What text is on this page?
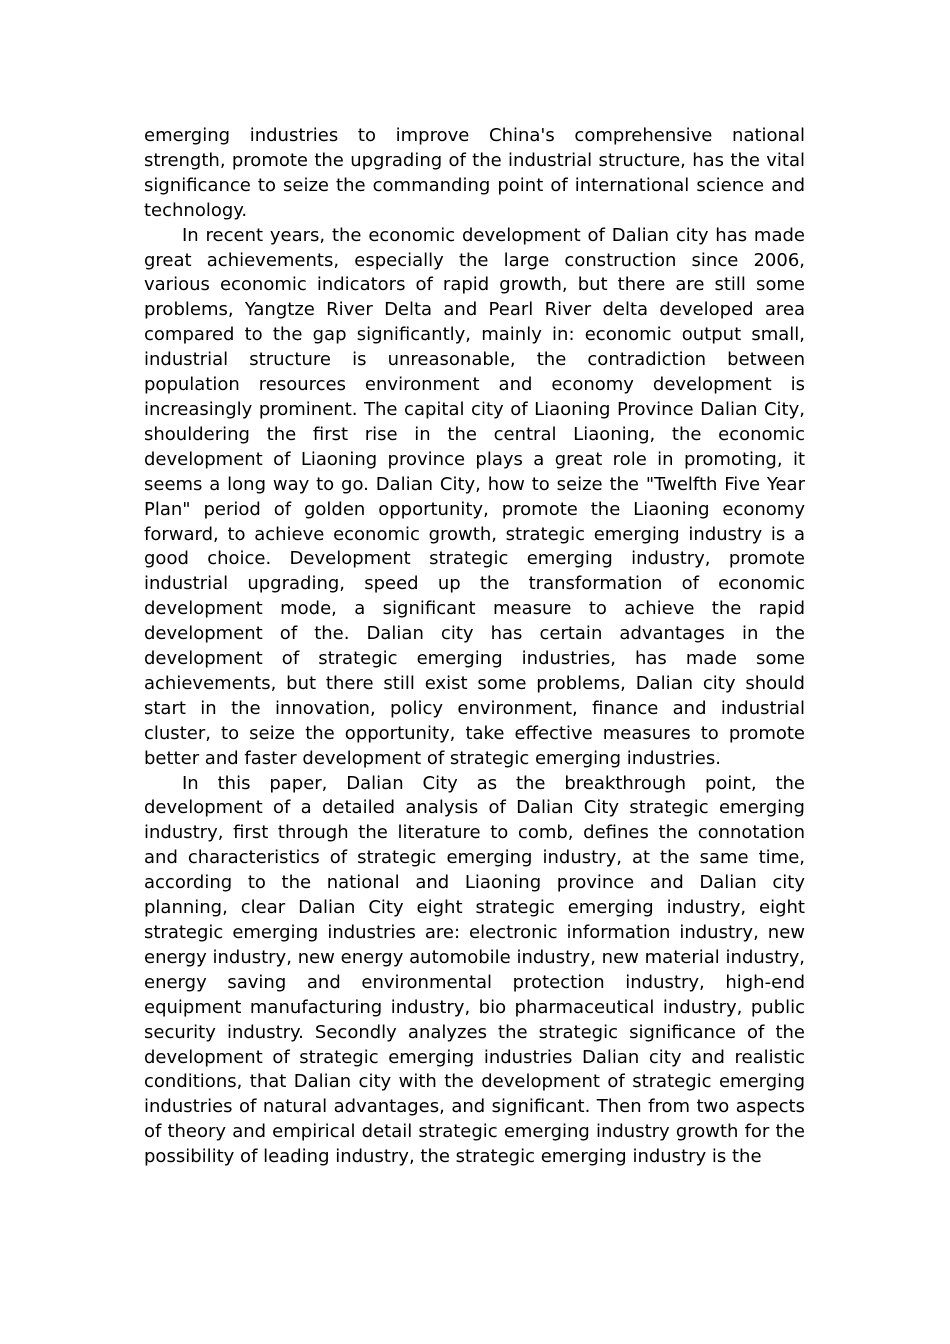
emerging industries to improve China's comprehensive national strength, promote the upgrading of the industrial structure, has the vital significance to seize the commanding point of international science and technology.

In recent years, the economic development of Dalian city has made great achievements, especially the large construction since 2006, various economic indicators of rapid growth, but there are still some problems, Yangtze River Delta and Pearl River delta developed area compared to the gap significantly, mainly in: economic output small, industrial structure is unreasonable, the contradiction between population resources environment and economy development is increasingly prominent. The capital city of Liaoning Province Dalian City, shouldering the first rise in the central Liaoning, the economic development of Liaoning province plays a great role in promoting, it seems a long way to go. Dalian City, how to seize the "Twelfth Five Year Plan" period of golden opportunity, promote the Liaoning economy forward, to achieve economic growth, strategic emerging industry is a good choice. Development strategic emerging industry, promote industrial upgrading, speed up the transformation of economic development mode, a significant measure to achieve the rapid development of the. Dalian city has certain advantages in the development of strategic emerging industries, has made some achievements, but there still exist some problems, Dalian city should start in the innovation, policy environment, finance and industrial cluster, to seize the opportunity, take effective measures to promote better and faster development of strategic emerging industries.

In this paper, Dalian City as the breakthrough point, the development of a detailed analysis of Dalian City strategic emerging industry, first through the literature to comb, defines the connotation and characteristics of strategic emerging industry, at the same time, according to the national and Liaoning province and Dalian city planning, clear Dalian City eight strategic emerging industry, eight strategic emerging industries are: electronic information industry, new energy industry, new energy automobile industry, new material industry, energy saving and environmental protection industry, high-end equipment manufacturing industry, bio pharmaceutical industry, public security industry. Secondly analyzes the strategic significance of the development of strategic emerging industries Dalian city and realistic conditions, that Dalian city with the development of strategic emerging industries of natural advantages, and significant. Then from two aspects of theory and empirical detail strategic emerging industry growth for the possibility of leading industry, the strategic emerging industry is the
